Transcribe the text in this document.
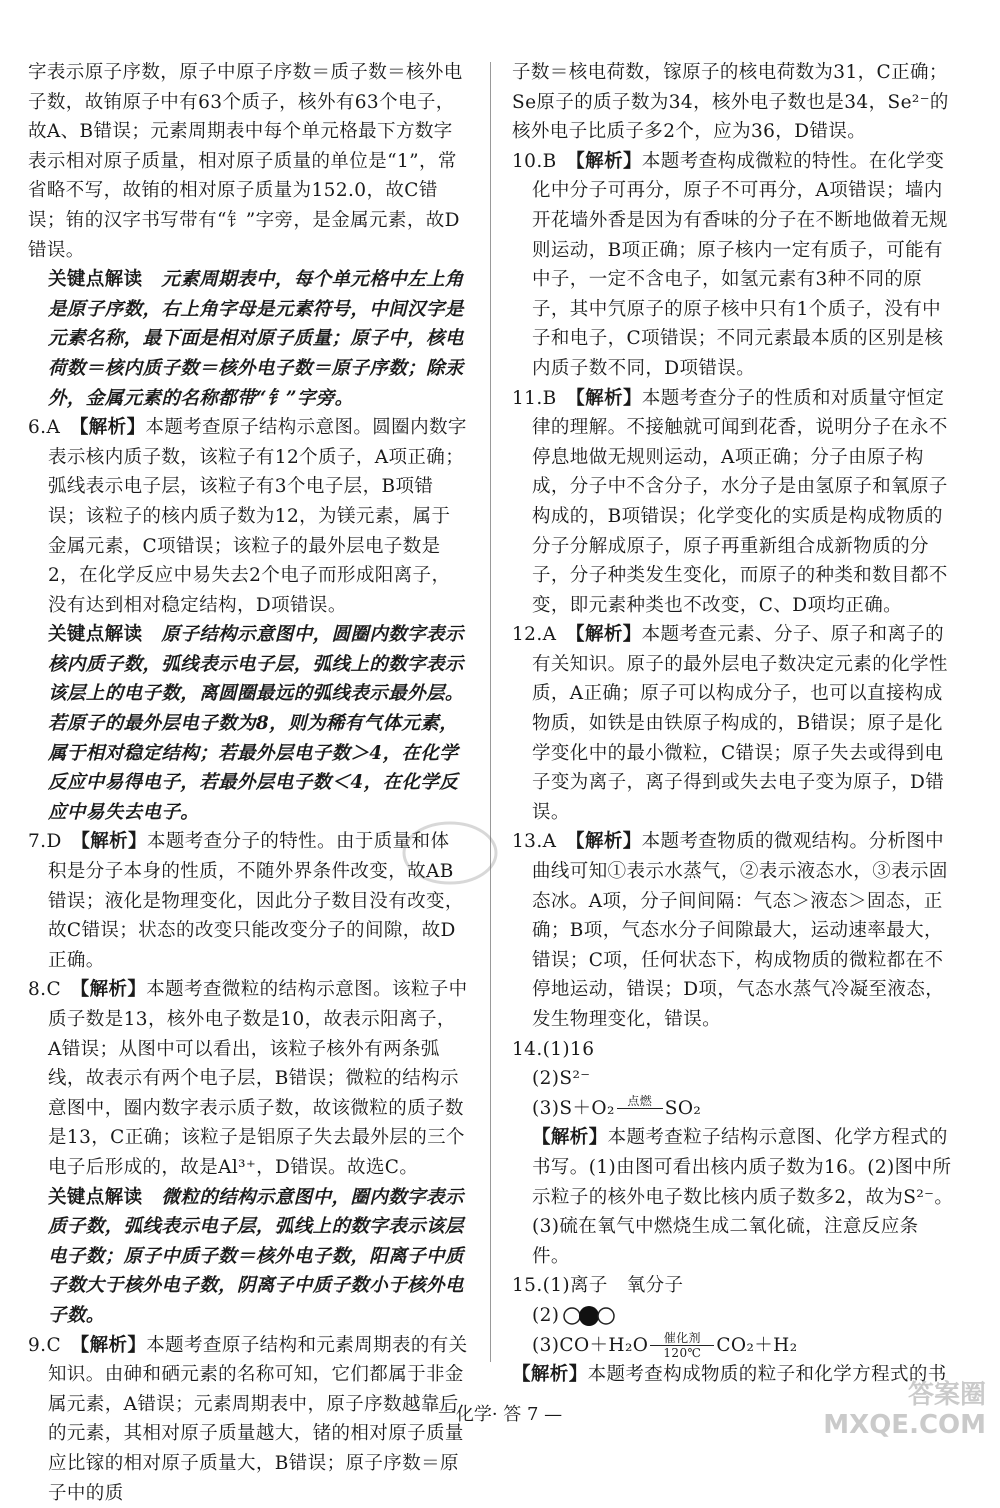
字表示原子序数，原子中原子序数＝质子数＝核外电子数，故铕原子中有63个质子，核外有63个电子，故A、B错误；元素周期表中每个单元格最下方数字表示相对原子质量，相对原子质量的单位是“1”，常省略不写，故铕的相对原子质量为152.0，故C错误；铕的汉字书写带有“钅”字旁，是金属元素，故D错误。

关键点解读　 元素周期表中，每个单元格中左上角是原子序数，右上角字母是元素符号，中间汉字是元素名称，最下面是相对原子质量；原子中，核电荷数＝核内质子数＝核外电子数＝原子序数；除汞外，金属元素的名称都带“钅”字旁。

6.A　 【解析】本题考查原子结构示意图。圆圈内数字表示核内质子数，该粒子有12个质子，A项正确；弧线表示电子层，该粒子有3个电子层，B项错误；该粒子的核内质子数为12，为镁元素，属于金属元素，C项错误；该粒子的最外层电子数是2，在化学反应中易失去2个电子而形成阳离子，没有达到相对稳定结构，D项错误。

关键点解读　 原子结构示意图中，圆圈内数字表示核内质子数，弧线表示电子层，弧线上的数字表示该层上的电子数，离圆圈最远的弧线表示最外层。若原子的最外层电子数为8，则为稀有气体元素，属于相对稳定结构；若最外层电子数＞4，在化学反应中易得电子，若最外层电子数＜4，在化学反应中易失去电子。

7.D　 【解析】本题考查分子的特性。由于质量和体积是分子本身的性质，不随外界条件改变，故AB错误；液化是物理变化，因此分子数目没有改变，故C错误；状态的改变只能改变分子的间隙，故D正确。

8.C　 【解析】本题考查微粒的结构示意图。该粒子中质子数是13，核外电子数是10，故表示阳离子，A错误；从图中可以看出，该粒子核外有两条弧线，故表示有两个电子层，B错误；微粒的结构示意图中，圈内数字表示质子数，故该微粒的质子数是13，C正确；该粒子是铝原子失去最外层的三个电子后形成的，故是Al³⁺，D错误。故选C。

关键点解读　 微粒的结构示意图中，圈内数字表示质子数，弧线表示电子层，弧线上的数字表示该层电子数；原子中质子数＝核外电子数，阳离子中质子数大于核外电子数，阴离子中质子数小于核外电子数。

9.C　 【解析】本题考查原子结构和元素周期表的有关知识。由砷和硒元素的名称可知，它们都属于非金属元素，A错误；元素周期表中，原子序数越靠后的元素，其相对原子质量越大，锗的相对原子质量应比镓的相对原子质量大，B错误；原子序数＝原子中的质

子数＝核电荷数，镓原子的核电荷数为31，C正确；Se原子的质子数为34，核外电子数也是34，Se²⁻的核外电子比质子多2个，应为36，D错误。

10.B　 【解析】本题考查构成微粒的特性。在化学变化中分子可再分，原子不可再分，A项错误；墙内开花墙外香是因为有香味的分子在不断地做着无规则运动，B项正确；原子核内一定有质子，可能有中子，一定不含电子，如氢元素有3种不同的原子，其中氕原子的原子核中只有1个质子，没有中子和电子，C项错误；不同元素最本质的区别是核内质子数不同，D项错误。

11.B　 【解析】本题考查分子的性质和对质量守恒定律的理解。不接触就可闻到花香，说明分子在永不停息地做无规则运动，A项正确；分子由原子构成，分子中不含分子，水分子是由氢原子和氧原子构成的，B项错误；化学变化的实质是构成物质的分子分解成原子，原子再重新组合成新物质的分子，分子种类发生变化，而原子的种类和数目都不变，即元素种类也不改变，C、D项均正确。

12.A　 【解析】本题考查元素、分子、原子和离子的有关知识。原子的最外层电子数决定元素的化学性质，A正确；原子可以构成分子，也可以直接构成物质，如铁是由铁原子构成的，B错误；原子是化学变化中的最小微粒，C错误；原子失去或得到电子变为离子，离子得到或失去电子变为原子，D错误。

13.A　 【解析】本题考查物质的微观结构。分析图中曲线可知①表示水蒸气，②表示液态水，③表示固态冰。A项，分子间间隔：气态＞液态＞固态，正确；B项，气态水分子间隙最大，运动速率最大，错误；C项，任何状态下，构成物质的微粒都在不停地运动，错误；D项，气态水蒸气冷凝至液态，发生物理变化，错误。

14.(1)16

(2)S²⁻

(3)S＋O₂	点燃 SO₂

【解析】本题考查粒子结构示意图、化学方程式的书写。(1)由图可看出核内质子数为16。(2)图中所示粒子的核外电子数比核内质子数多2，故为S²⁻。(3)硫在氧气中燃烧生成二氧化硫，注意反应条件。

15.(1)离子　氧分子

(2)

$(3)CO+H_2O \frac{\text{催化剂}}{120℃} CO_2+H_2$

【解析】本题考查构成物质的粒子和化学方程式的书

一化学· 答 7 —
答案圈
MXQE.COM
